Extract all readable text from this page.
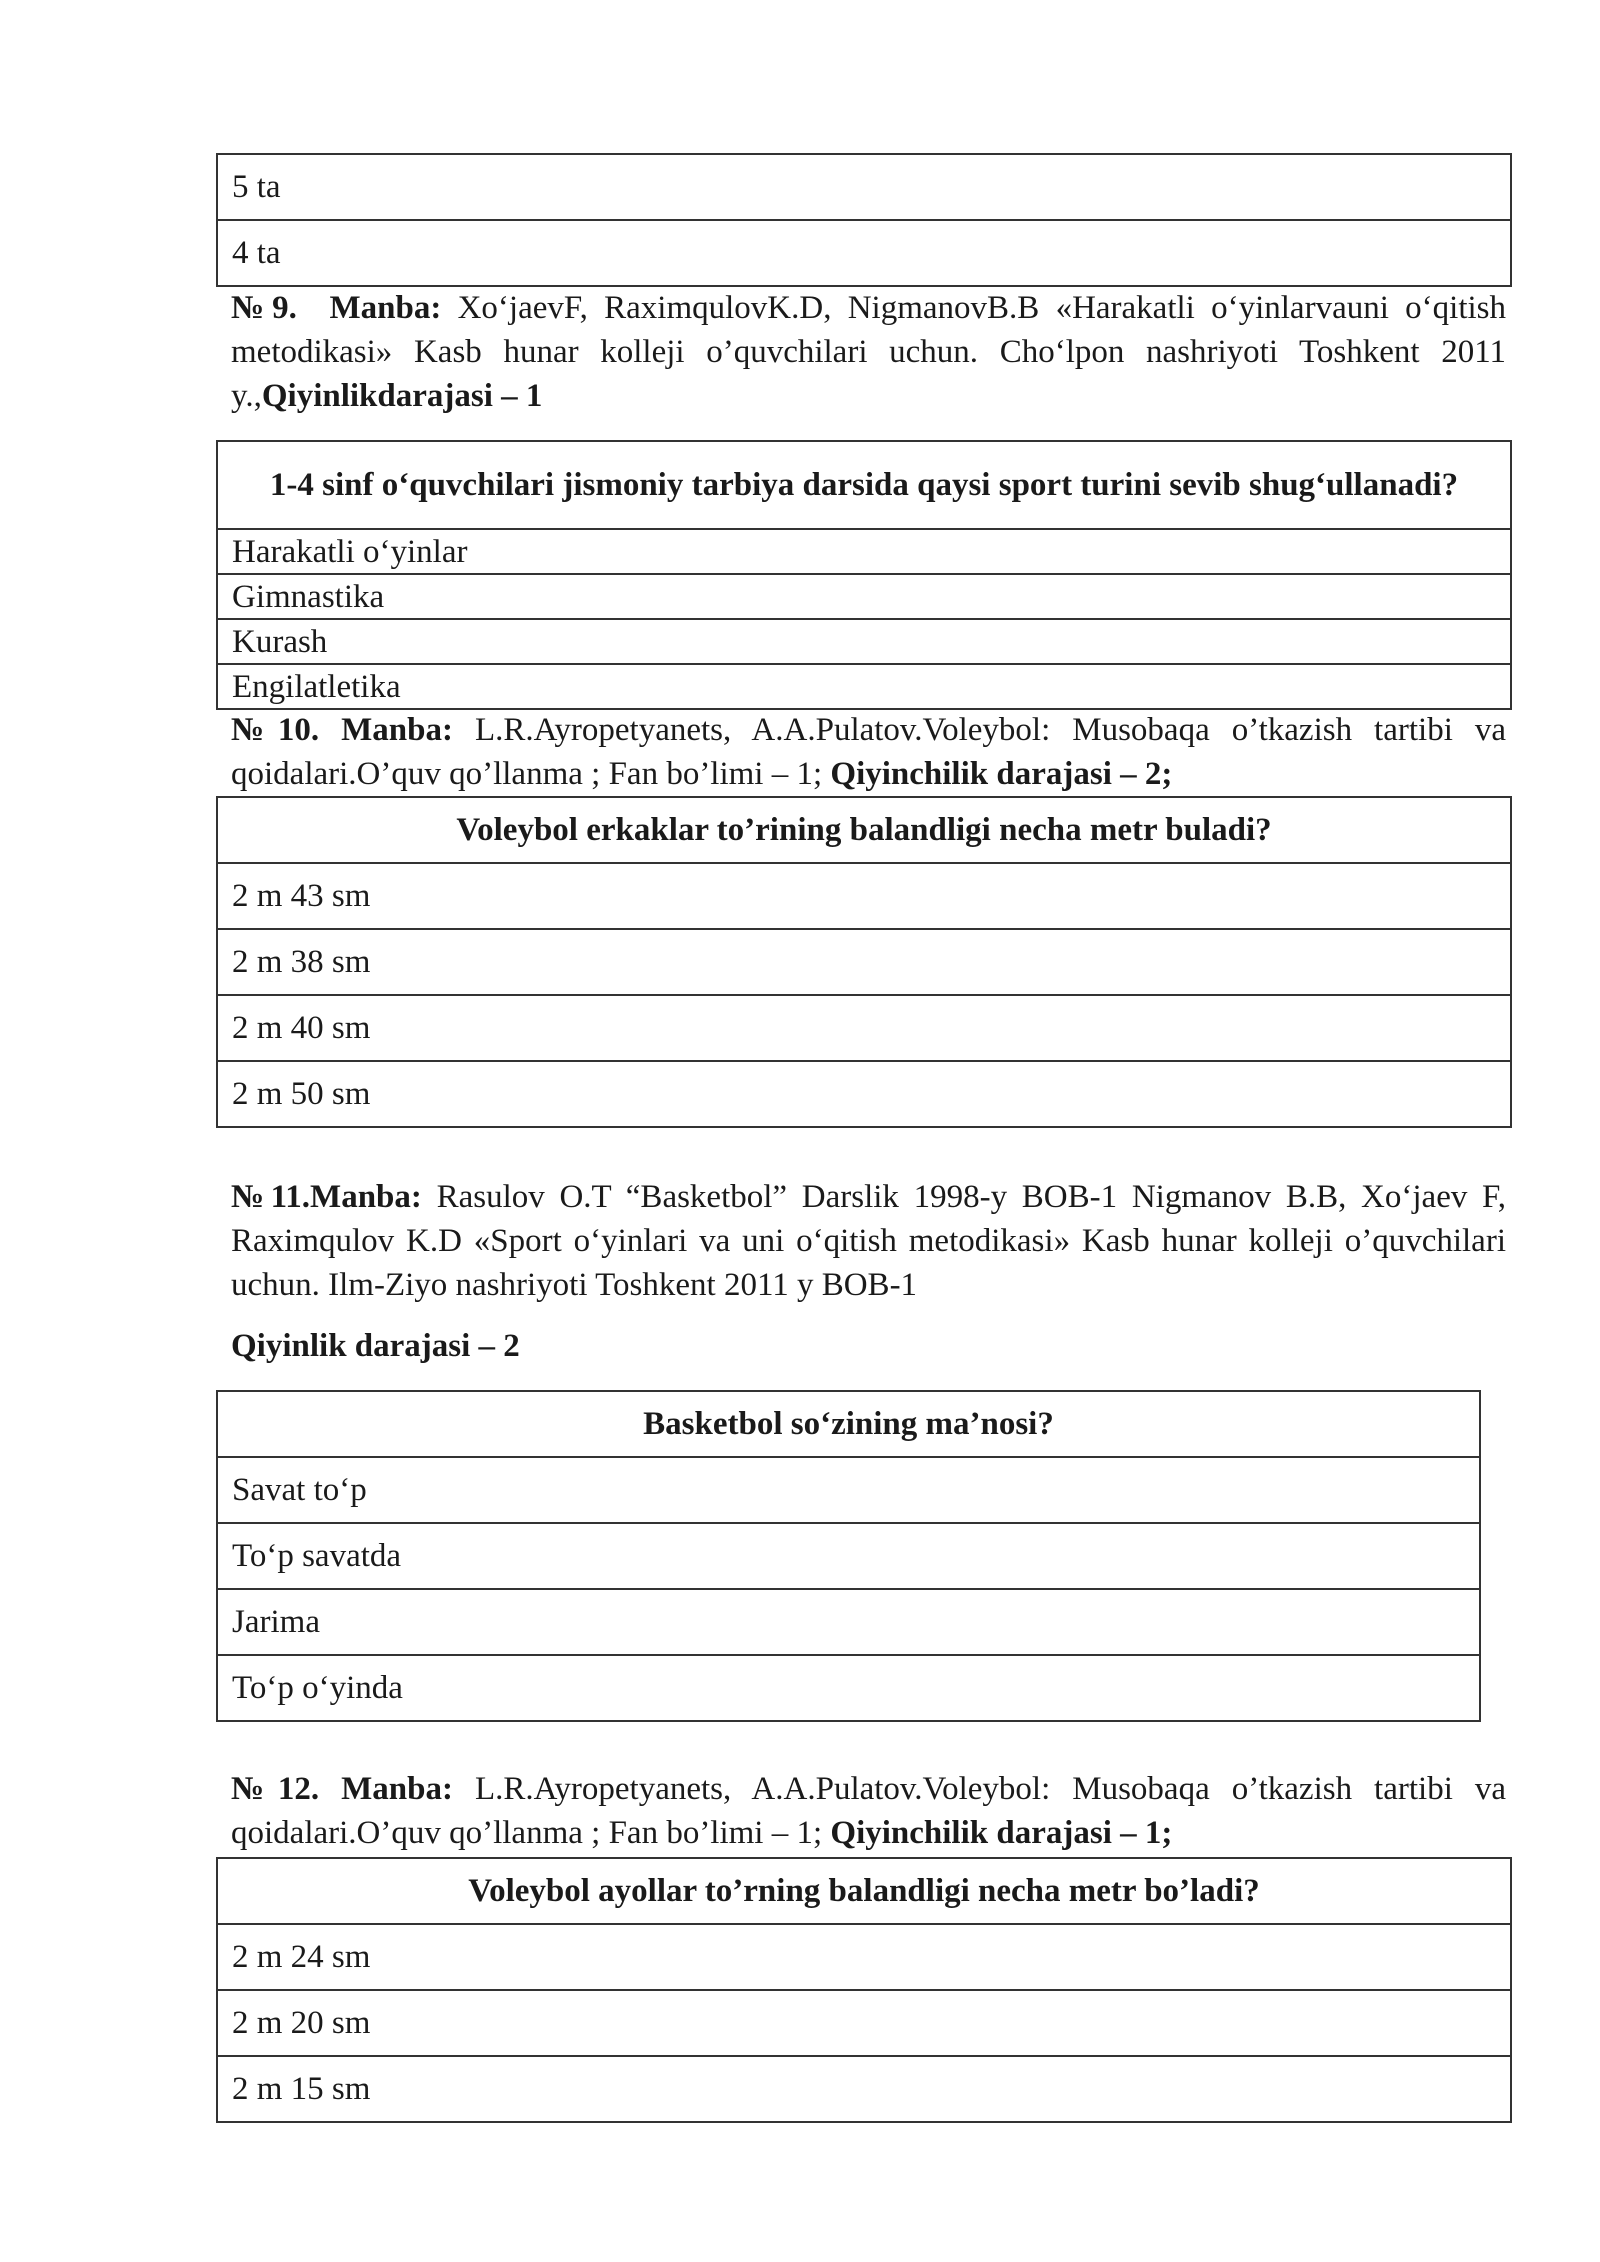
5 ta
4 ta
№9. Manba: Xo‘jaevF, RaximqulovK.D, NigmanovB.B «Harakatli o‘yinlarvauni o‘qitish metodikasi» Kasb hunar kolleji o’quvchilari uchun. Cho‘lpon nashriyoti Toshkent 2011 y.,Qiyinlikdarajasi – 1
1-4 sinf o‘quvchilari jismoniy tarbiya darsida qaysi sport turini sevib shug‘ullanadi?
Harakatli o‘yinlar
Gimnastika
Kurash
Engilatletika
№10. Manba: L.R.Ayropetyanets, A.A.Pulatov.Voleybol: Musobaqa o’tkazish tartibi va qoidalari.O’quv qo’llanma ; Fan bo’limi – 1; Qiyinchilik darajasi – 2;
Voleybol erkaklar to’rining balandligi necha metr buladi?
2 m 43 sm
2 m 38 sm
2 m 40 sm
2 m 50 sm
№11.Manba: Rasulov O.T “Basketbol” Darslik 1998-y BOB-1 Nigmanov B.B, Xo‘jaev F, Raximqulov K.D «Sport o‘yinlari va uni o‘qitish metodikasi» Kasb hunar kolleji o’quvchilari uchun. Ilm-Ziyo nashriyoti Toshkent 2011 y BOB-1
Qiyinlik darajasi – 2
Basketbol so‘zining ma’nosi?
Savat to‘p
To‘p savatda
Jarima
To‘p o‘yinda
№12. Manba: L.R.Ayropetyanets, A.A.Pulatov.Voleybol: Musobaqa o’tkazish tartibi va qoidalari.O’quv qo’llanma ; Fan bo’limi – 1; Qiyinchilik darajasi – 1;
Voleybol ayollar to’rning balandligi necha metr bo’ladi?
2 m 24 sm
2 m 20 sm
2 m 15 sm
